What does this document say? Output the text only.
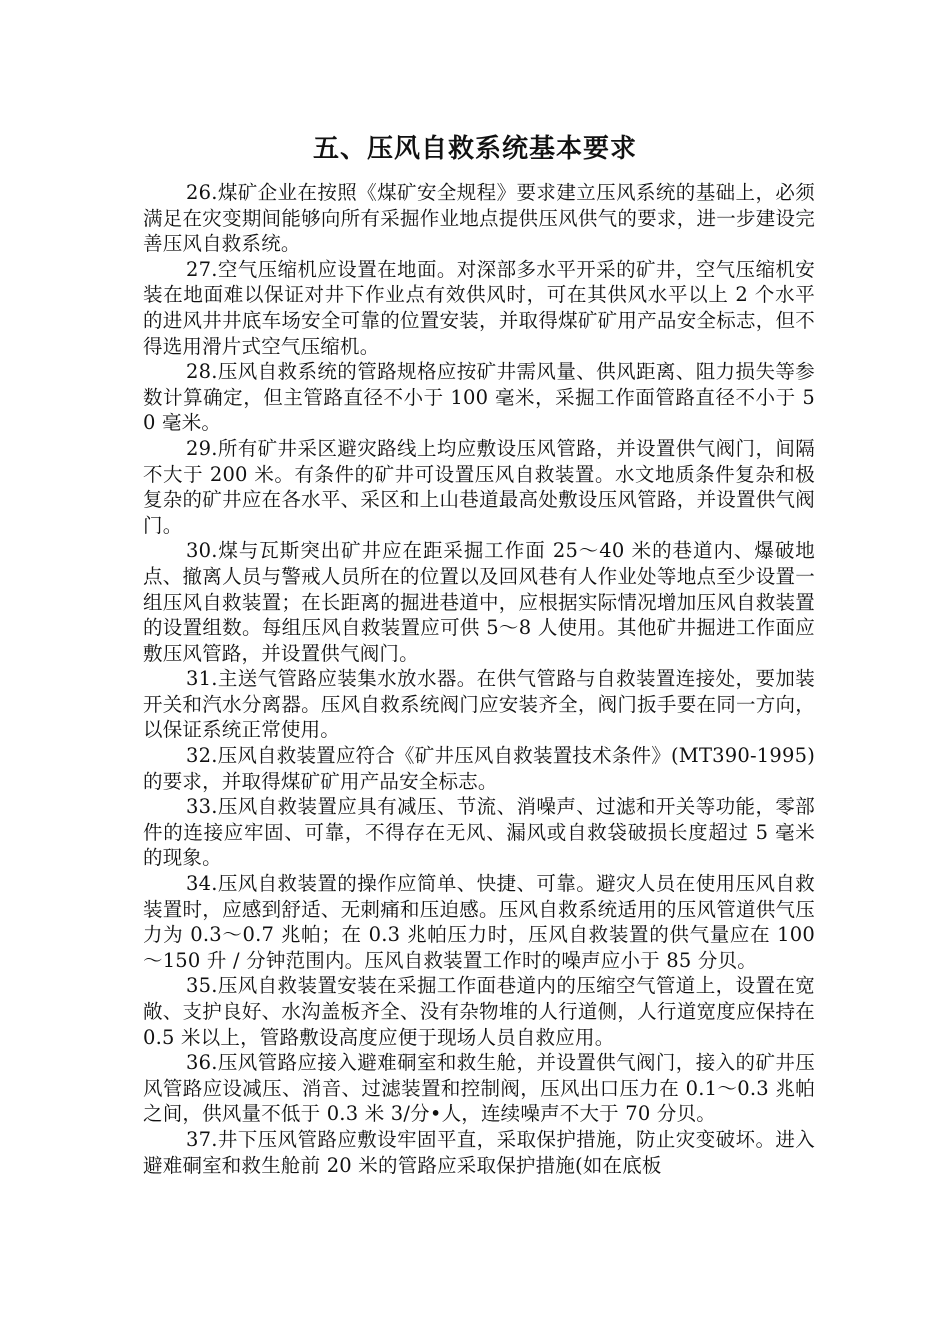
五、压风自救系统基本要求

26.煤矿企业在按照《煤矿安全规程》要求建立压风系统的基础上，必须满足在灾变期间能够向所有采掘作业地点提供压风供气的要求，进一步建设完善压风自救系统。

27.空气压缩机应设置在地面。对深部多水平开采的矿井，空气压缩机安装在地面难以保证对井下作业点有效供风时，可在其供风水平以上 2 个水平的进风井井底车场安全可靠的位置安装，并取得煤矿矿用产品安全标志，但不得选用滑片式空气压缩机。

28.压风自救系统的管路规格应按矿井需风量、供风距离、阻力损失等参数计算确定，但主管路直径不小于 100 毫米，采掘工作面管路直径不小于 50 毫米。

29.所有矿井采区避灾路线上均应敷设压风管路，并设置供气阀门，间隔不大于 200 米。有条件的矿井可设置压风自救装置。水文地质条件复杂和极复杂的矿井应在各水平、采区和上山巷道最高处敷设压风管路，并设置供气阀门。

30.煤与瓦斯突出矿井应在距采掘工作面 25～40 米的巷道内、爆破地点、撤离人员与警戒人员所在的位置以及回风巷有人作业处等地点至少设置一组压风自救装置；在长距离的掘进巷道中，应根据实际情况增加压风自救装置的设置组数。每组压风自救装置应可供 5～8 人使用。其他矿井掘进工作面应敷压风管路，并设置供气阀门。

31.主送气管路应装集水放水器。在供气管路与自救装置连接处，要加装开关和汽水分离器。压风自救系统阀门应安装齐全，阀门扳手要在同一方向，以保证系统正常使用。

32.压风自救装置应符合《矿井压风自救装置技术条件》(MT390-1995)的要求，并取得煤矿矿用产品安全标志。

33.压风自救装置应具有减压、节流、消噪声、过滤和开关等功能，零部件的连接应牢固、可靠，不得存在无风、漏风或自救袋破损长度超过 5 毫米的现象。

34.压风自救装置的操作应简单、快捷、可靠。避灾人员在使用压风自救装置时，应感到舒适、无刺痛和压迫感。压风自救系统适用的压风管道供气压力为 0.3～0.7 兆帕；在 0.3 兆帕压力时，压风自救装置的供气量应在 100～150 升 / 分钟范围内。压风自救装置工作时的噪声应小于 85 分贝。

35.压风自救装置安装在采掘工作面巷道内的压缩空气管道上，设置在宽敞、支护良好、水沟盖板齐全、没有杂物堆的人行道侧，人行道宽度应保持在 0.5 米以上，管路敷设高度应便于现场人员自救应用。

36.压风管路应接入避难硐室和救生舱，并设置供气阀门，接入的矿井压风管路应设减压、消音、过滤装置和控制阀，压风出口压力在 0.1～0.3 兆帕之间，供风量不低于 0.3 米 3/分•人，连续噪声不大于 70 分贝。

37.井下压风管路应敷设牢固平直，采取保护措施，防止灾变破坏。进入避难硐室和救生舱前 20 米的管路应采取保护措施(如在底板
